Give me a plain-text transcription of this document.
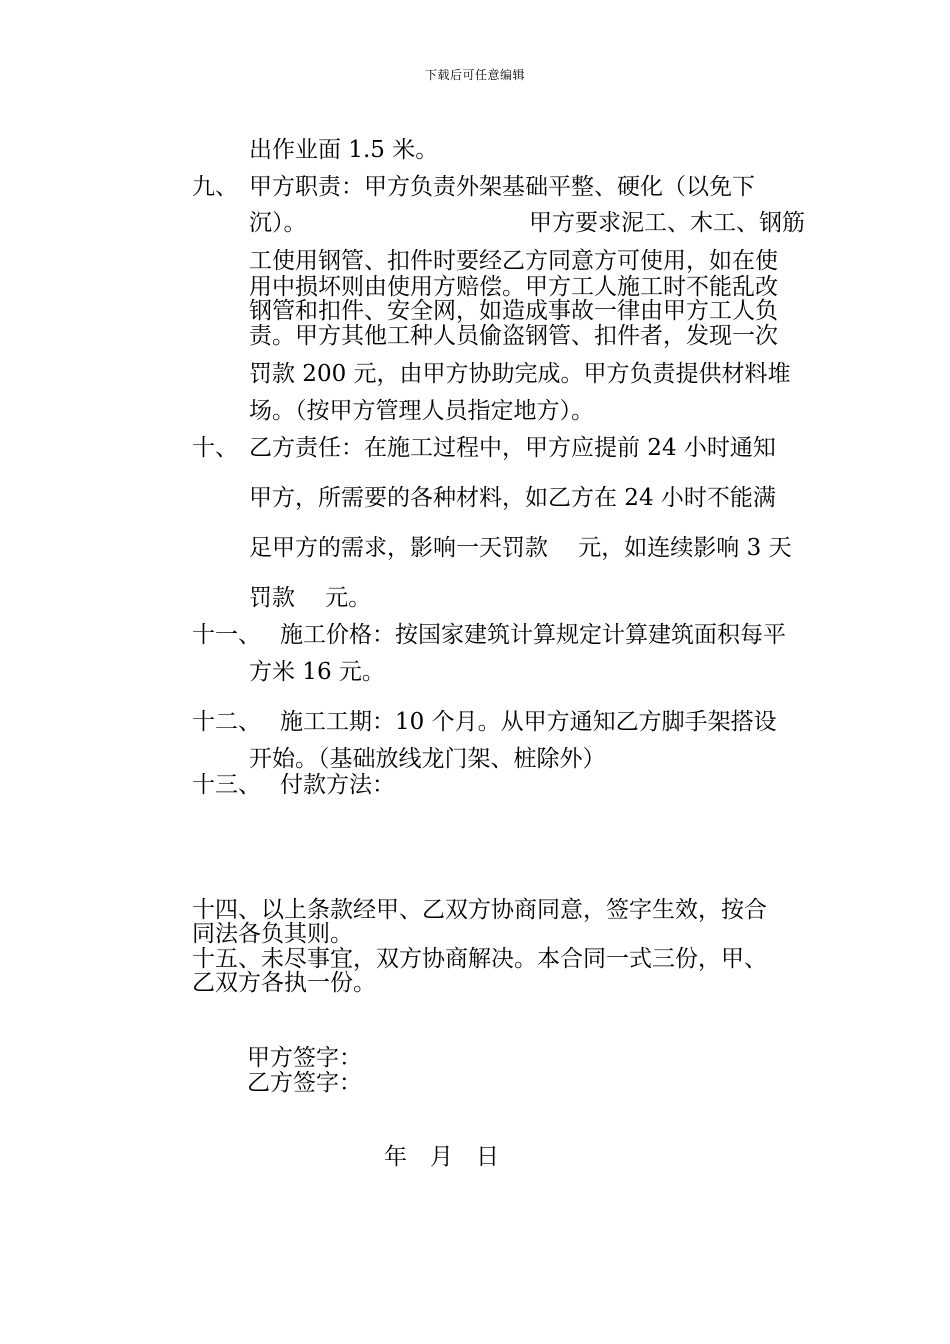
下载后可任意编辑
出作业面 1.5 米。
九、 甲方职责：甲方负责外架基础平整、硬化（以免下
沉）。	甲方要求泥工、木工、钢筋
工使用钢管、扣件时要经乙方同意方可使用，如在使
用中损坏则由使用方赔偿。甲方工人施工时不能乱改
钢管和扣件、安全网，如造成事故一律由甲方工人负
责。甲方其他工种人员偷盗钢管、扣件者，发现一次
罚款 200 元，由甲方协助完成。甲方负责提供材料堆
场。（按甲方管理人员指定地方）。
十、 乙方责任：在施工过程中，甲方应提前 24 小时通知
甲方，所需要的各种材料，如乙方在 24 小时不能满
足甲方的需求，影响一天罚款　 元，如连续影响 3 天
罚款　 元。
十一、 施工价格：按国家建筑计算规定计算建筑面积每平
方米 16 元。
十二、 施工工期：10 个月。从甲方通知乙方脚手架搭设
开始。（基础放线龙门架、桩除外）
十三、 付款方法：
十四、以上条款经甲、乙双方协商同意，签字生效，按合
同法各负其则。
十五、未尽事宜，双方协商解决。本合同一式三份，甲、
乙双方各执一份。
甲方签字：
乙方签字：
年　月　日
